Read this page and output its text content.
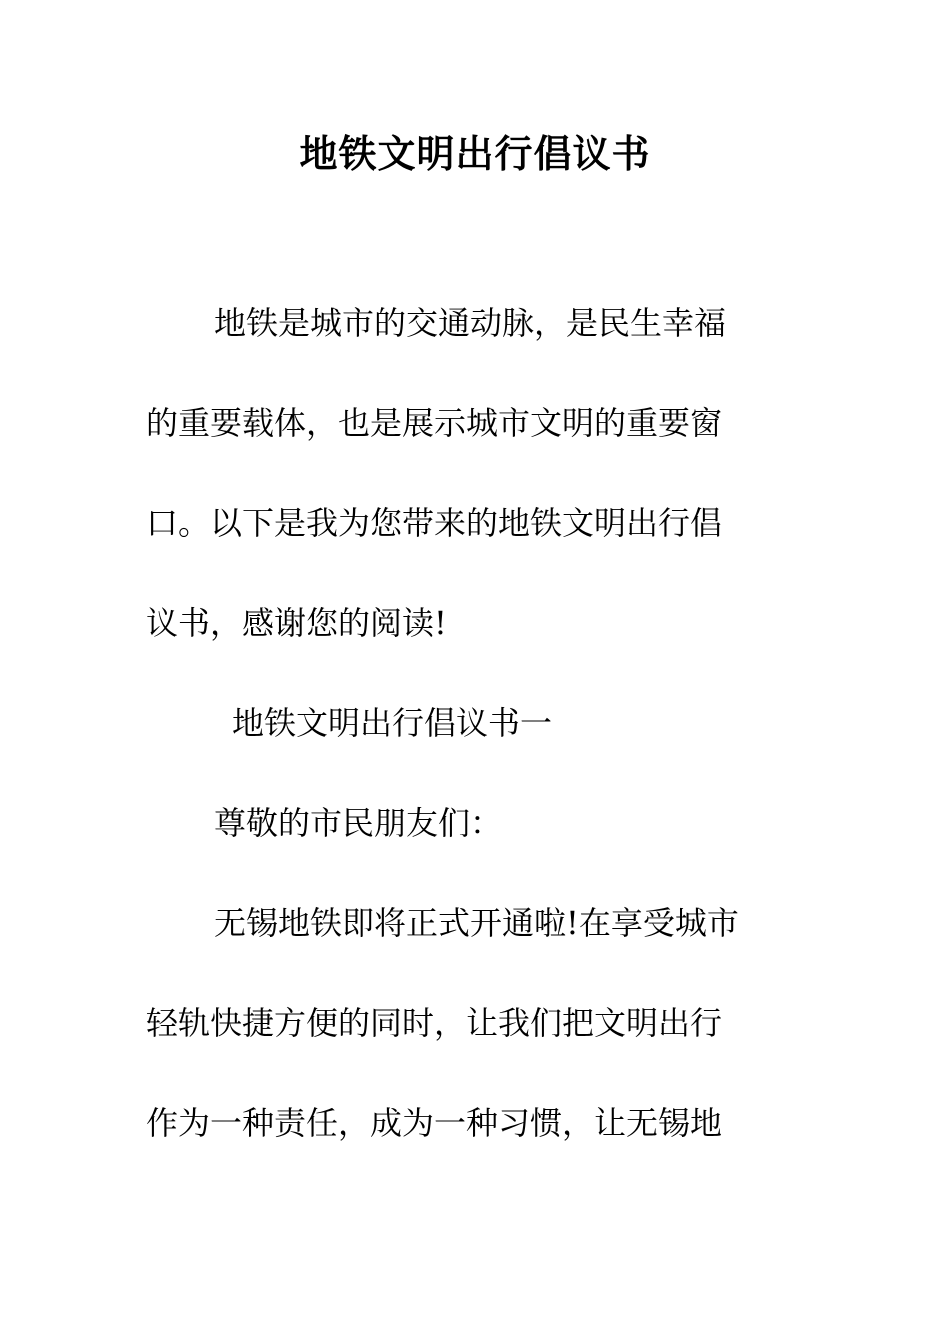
地铁文明出行倡议书
地铁是城市的交通动脉，是民生幸福
的重要载体，也是展示城市文明的重要窗
口。以下是我为您带来的地铁文明出行倡
议书，感谢您的阅读!
地铁文明出行倡议书一
尊敬的市民朋友们：
无锡地铁即将正式开通啦!在享受城市
轻轨快捷方便的同时，让我们把文明出行
作为一种责任，成为一种习惯，让无锡地
